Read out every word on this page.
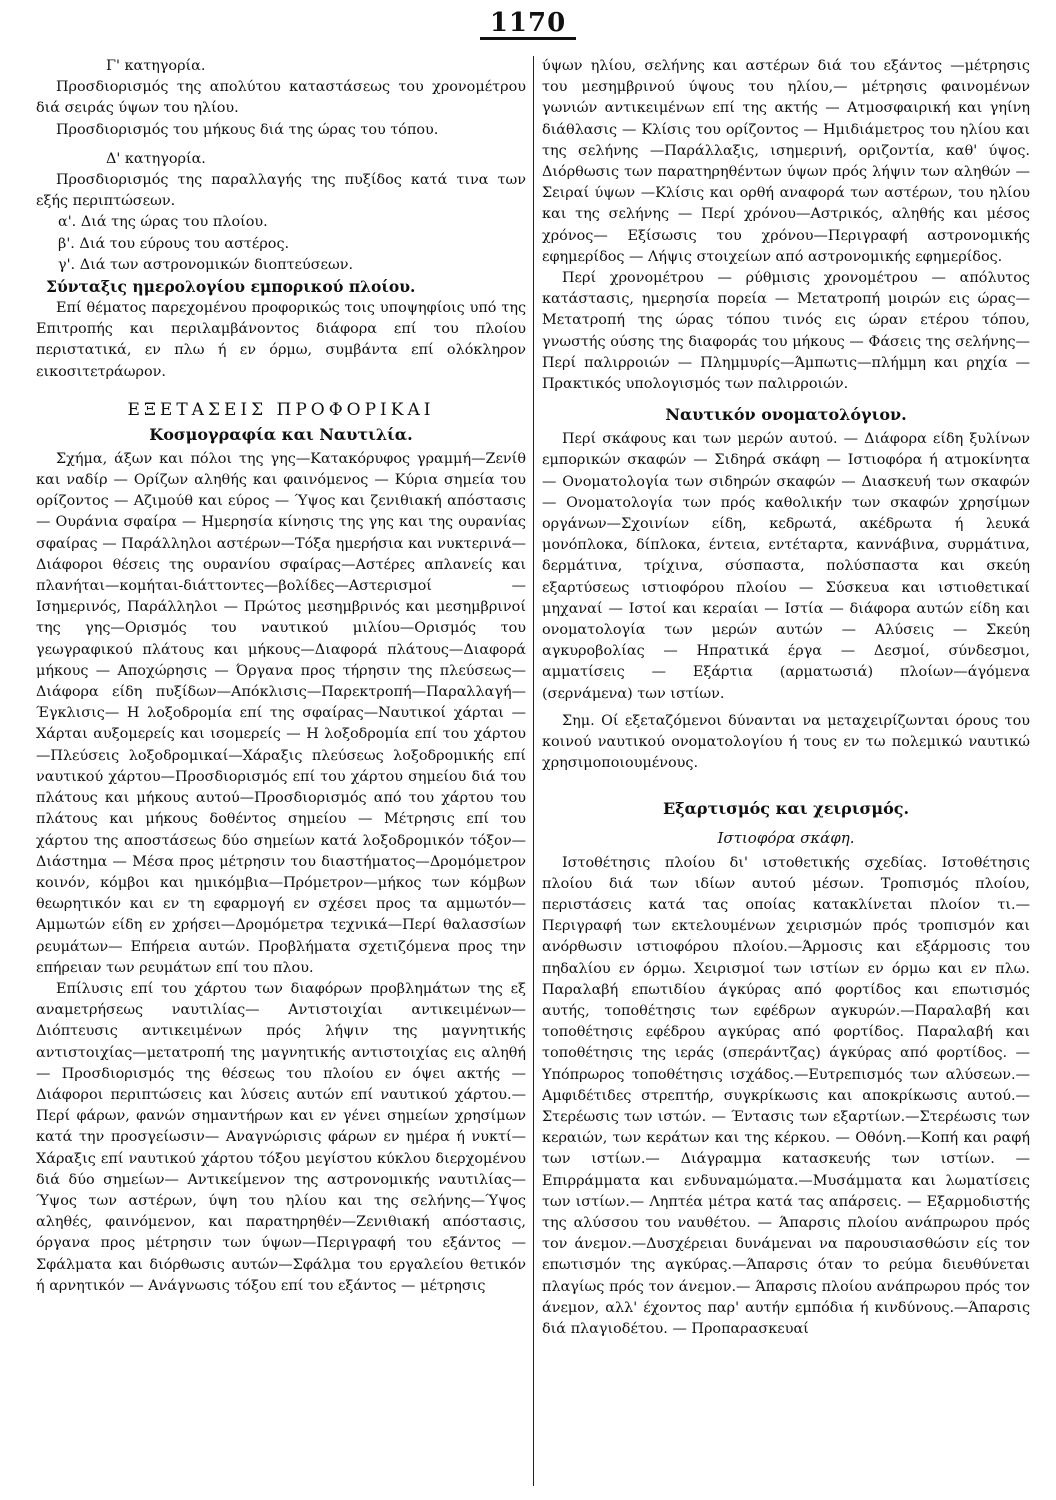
1170

Γ' κατηγορία.

Προσδιορισμός της απολύτου καταστάσεως του χρονομέτρου διά σειράς ύψων του ηλίου.

Προσδιορισμός του μήκους διά της ώρας του τόπου.

Δ' κατηγορία.

Προσδιορισμός της παραλλαγής της πυξίδος κατά τινα των εξής περιπτώσεων.

α'. Διά της ώρας του πλοίου.

β'. Διά του εύρους του αστέρος.

γ'. Διά των αστρονομικών διοπτεύσεων.

Σύνταξις ημερολογίου εμπορικού πλοίου.

Επί θέματος παρεχομένου προφορικώς τοις υποψηφίοις υπό της Επιτροπής και περιλαμβάνοντος διάφορα επί του πλοίου περιστατικά, εν πλω ή εν όρμω, συμβάντα επί ολόκληρον εικοσιτετράωρον.

ΕΞΕΤΑΣΕΙΣ ΠΡΟΦΟΡΙΚΑΙ

Κοσμογραφία και Ναυτιλία.

Σχήμα, άξων και πόλοι της γης—Κατακόρυφος γραμμή—Ζενίθ και ναδίρ — Ορίζων αληθής και φαινόμενος — Κύρια σημεία του ορίζοντος — Αζιμούθ και εύρος — Ύψος και ζενιθιακή απόστασις — Ουράνια σφαίρα — Ημερησία κίνησις της γης και της ουρανίας σφαίρας — Παράλληλοι αστέρων—Τόξα ημερήσια και νυκτερινά—Διάφοροι θέσεις της ουρανίου σφαίρας—Αστέρες απλανείς και πλανήται—κομήται-διάττοντες—βολίδες—Αστερισμοί — Ισημερινός, Παράλληλοι — Πρώτος μεσημβρινός και μεσημβρινοί της γης—Ορισμός του ναυτικού μιλίου—Ορισμός του γεωγραφικού πλάτους και μήκους—Διαφορά πλάτους—Διαφορά μήκους — Αποχώρησις — Όργανα προς τήρησιν της πλεύσεως—Διάφορα είδη πυξίδων—Απόκλισις—Παρεκτροπή—Παραλλαγή—Έγκλισις— Η λοξοδρομία επί της σφαίρας—Ναυτικοί χάρται — Χάρται αυξομερείς και ισομερείς — Η λοξοδρομία επί του χάρτου—Πλεύσεις λοξοδρομικαί—Χάραξις πλεύσεως λοξοδρομικής επί ναυτικού χάρτου—Προσδιορισμός επί του χάρτου σημείου διά του πλάτους και μήκους αυτού—Προσδιορισμός από του χάρτου του πλάτους και μήκους δοθέντος σημείου — Μέτρησις επί του χάρτου της αποστάσεως δύο σημείων κατά λοξοδρομικόν τόξον—Διάστημα — Μέσα προς μέτρησιν του διαστήματος—Δρομόμετρον κοινόν, κόμβοι και ημικόμβια—Πρόμετρον—μήκος των κόμβων θεωρητικόν και εν τη εφαρμογή εν σχέσει προς τα αμμωτόν— Αμμωτών είδη εν χρήσει—Δρομόμετρα τεχνικά—Περί θαλασσίων ρευμάτων— Επήρεια αυτών. Προβλήματα σχετιζόμενα προς την επήρειαν των ρευμάτων επί του πλου.

Επίλυσις επί του χάρτου των διαφόρων προβλημάτων της εξ αναμετρήσεως ναυτιλίας— Αντιστοιχίαι αντικειμένων—Διόπτευσις αντικειμένων πρός λήψιν της μαγνητικής αντιστοιχίας—μετατροπή της μαγνητικής αντιστοιχίας εις αληθή— Προσδιορισμός της θέσεως του πλοίου εν όψει ακτής — Διάφοροι περιπτώσεις και λύσεις αυτών επί ναυτικού χάρτου.—Περί φάρων, φανών σημαντήρων και εν γένει σημείων χρησίμων κατά την προσγείωσιν— Αναγνώρισις φάρων εν ημέρα ή νυκτί—Χάραξις επί ναυτικού χάρτου τόξου μεγίστου κύκλου διερχομένου διά δύο σημείων— Αντικείμενον της αστρονομικής ναυτιλίας— Ύψος των αστέρων, ύψη του ηλίου και της σελήνης—Ύψος αληθές, φαινόμενον, και παρατηρηθέν—Ζενιθιακή απόστασις, όργανα προς μέτρησιν των ύψων—Περιγραφή του εξάντος —Σφάλματα και διόρθωσις αυτών—Σφάλμα του εργαλείου θετικόν ή αρνητικόν — Ανάγνωσις τόξου επί του εξάντος — μέτρησις

ύψων ηλίου, σελήνης και αστέρων διά του εξάντος —μέτρησις του μεσημβρινού ύψους του ηλίου,— μέτρησις φαινομένων γωνιών αντικειμένων επί της ακτής — Ατμοσφαιρική και γηίνη διάθλασις — Κλίσις του ορίζοντος — Ημιδιάμετρος του ηλίου και της σελήνης —Παράλλαξις, ισημερινή, οριζοντία, καθ' ύψος. Διόρθωσις των παρατηρηθέντων ύψων πρός λήψιν των αληθών —Σειραί ύψων —Κλίσις και ορθή αναφορά των αστέρων, του ηλίου και της σελήνης — Περί χρόνου—Αστρικός, αληθής και μέσος χρόνος— Εξίσωσις του χρόνου—Περιγραφή αστρονομικής εφημερίδος — Λήψις στοιχείων από αστρονομικής εφημερίδος.

Περί χρονομέτρου — ρύθμισις χρονομέτρου — απόλυτος κατάστασις, ημερησία πορεία — Μετατροπή μοιρών εις ώρας—Μετατροπή της ώρας τόπου τινός εις ώραν ετέρου τόπου, γνωστής ούσης της διαφοράς του μήκους — Φάσεις της σελήνης—Περί παλιρροιών — Πλημμυρίς—Άμπωτις—πλήμμη και ρηχία — Πρακτικός υπολογισμός των παλιρροιών.

Ναυτικόν ονοματολόγιον.

Περί σκάφους και των μερών αυτού. — Διάφορα είδη ξυλίνων εμπορικών σκαφών — Σιδηρά σκάφη — Ιστιοφόρα ή ατμοκίνητα — Ονοματολογία των σιδηρών σκαφών — Διασκευή των σκαφών — Ονοματολογία των πρός καθολικήν των σκαφών χρησίμων οργάνων—Σχοινίων είδη, κεδρωτά, ακέδρωτα ή λευκά μονόπλοκα, δίπλοκα, έντεια, εντέταρτα, καννάβινα, συρμάτινα, δερμάτινα, τρίχινα, σύσπαστα, πολύσπαστα και σκεύη εξαρτύσεως ιστιοφόρου πλοίου — Σύσκευα και ιστιοθετικαί μηχαναί — Ιστοί και κεραίαι — Ιστία — διάφορα αυτών είδη και ονοματολογία των μερών αυτών — Αλύσεις — Σκεύη αγκυροβολίας — Ηπρατικά έργα — Δεσμοί, σύνδεσμοι, αμματίσεις — Εξάρτια (αρματωσιά) πλοίων—άγόμενα (σερνάμενα) των ιστίων.

Σημ. Οί εξεταζόμενοι δύνανται να μεταχειρίζωνται όρους του κοινού ναυτικού ονοματολογίου ή τους εν τω πολεμικώ ναυτικώ χρησιμοποιουμένους.

Εξαρτισμός και χειρισμός.

Ιστιοφόρα σκάφη.

Ιστοθέτησις πλοίου δι' ιστοθετικής σχεδίας. Ιστοθέτησις πλοίου διά των ιδίων αυτού μέσων. Τροπισμός πλοίου, περιστάσεις κατά τας οποίας κατακλίνεται πλοίον τι.—Περιγραφή των εκτελουμένων χειρισμών πρός τροπισμόν και ανόρθωσιν ιστιοφόρου πλοίου.—Άρμοσις και εξάρμοσις του πηδαλίου εν όρμω. Χειρισμοί των ιστίων εν όρμω και εν πλω. Παραλαβή επωτιδίου άγκύρας από φορτίδος και επωτισμός αυτής, τοποθέτησις των εφέδρων αγκυρών.—Παραλαβή και τοποθέτησις εφέδρου αγκύρας από φορτίδος. Παραλαβή και τοποθέτησις της ιεράς (σπεράντζας) άγκύρας από φορτίδος. — Υπόπρωρος τοποθέτησις ισχάδος.—Ευτρεπισμός των αλύσεων.— Αμφιδέτιδες στρεπτήρ, συγκρίκωσις και αποκρίκωσις αυτού.—Στερέωσις των ιστών. — Έντασις των εξαρτίων.—Στερέωσις των κεραιών, των κεράτων και της κέρκου. — Οθόνη.—Κοπή και ραφή των ιστίων.— Διάγραμμα κατασκευής των ιστίων. — Επιρράμματα και ενδυναμώματα.—Μυσάμματα και λωματίσεις των ιστίων.— Ληπτέα μέτρα κατά τας απάρσεις. — Εξαρμοδιστής της αλύσσου του ναυθέτου. — Άπαρσις πλοίου ανάπρωρου πρός τον άνεμον.—Δυσχέρειαι δυνάμεναι να παρουσιασθώσιν είς τον επωτισμόν της αγκύρας.—Άπαρσις όταν το ρεύμα διευθύνεται πλαγίως πρός τον άνεμον.— Άπαρσις πλοίου ανάπρωρου πρός τον άνεμον, αλλ' έχοντος παρ' αυτήν εμπόδια ή κινδύνους.—Άπαρσις διά πλαγιοδέτου. — Προπαρασκευαί
